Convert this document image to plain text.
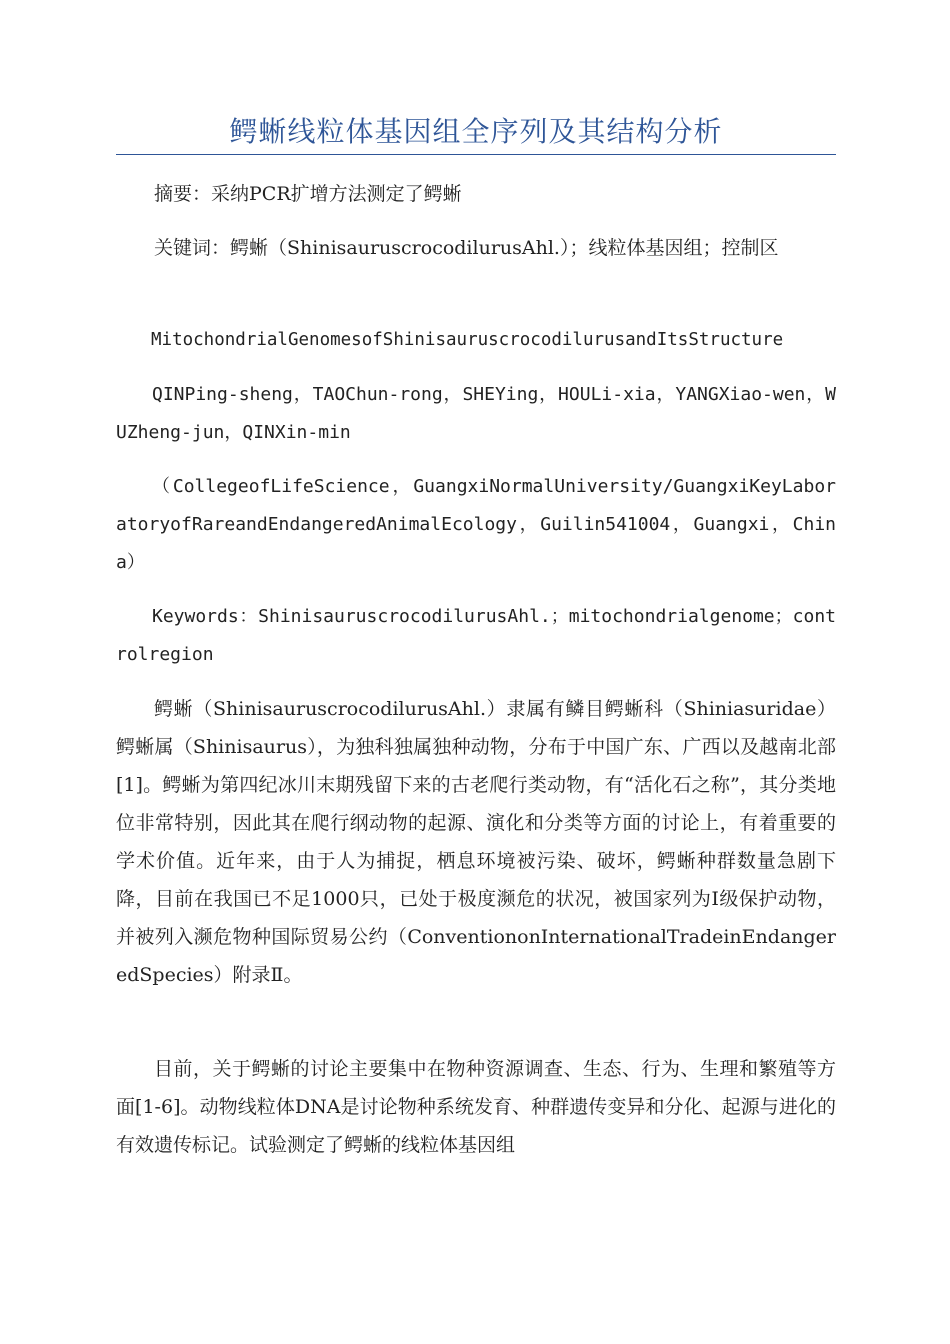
鳄蜥线粒体基因组全序列及其结构分析

摘要：采纳PCR扩增方法测定了鳄蜥

关键词：鳄蜥（ShinisauruscrocodilurusAhl.）；线粒体基因组；控制区

MitochondrialGenomesofShinisauruscrocodilurusandItsStructure

QINPing-sheng，TAOChun-rong，SHEYing，HOULi-xia，YANGXiao-wen，WUZheng-jun，QINXin-min

（CollegeofLifeScience，GuangxiNormalUniversity/GuangxiKeyLaboratoryofRareandEndangeredAnimalEcology，Guilin541004，Guangxi，China）

Keywords：ShinisauruscrocodilurusAhl.；mitochondrialgenome；controlregion

鳄蜥（ShinisauruscrocodilurusAhl.）隶属有鳞目鳄蜥科（Shiniasuridae）鳄蜥属（Shinisaurus），为独科独属独种动物，分布于中国广东、广西以及越南北部[1]。鳄蜥为第四纪冰川末期残留下来的古老爬行类动物，有“活化石之称”，其分类地位非常特别，因此其在爬行纲动物的起源、演化和分类等方面的讨论上，有着重要的学术价值。近年来，由于人为捕捉，栖息环境被污染、破坏，鳄蜥种群数量急剧下降，目前在我国已不足1000只，已处于极度濒危的状况，被国家列为Ⅰ级保护动物，并被列入濒危物种国际贸易公约（ConventiononInternationalTradeinEndangeredSpecies）附录Ⅱ。

目前，关于鳄蜥的讨论主要集中在物种资源调查、生态、行为、生理和繁殖等方面[1-6]。动物线粒体DNA是讨论物种系统发育、种群遗传变异和分化、起源与进化的有效遗传标记。试验测定了鳄蜥的线粒体基因组
